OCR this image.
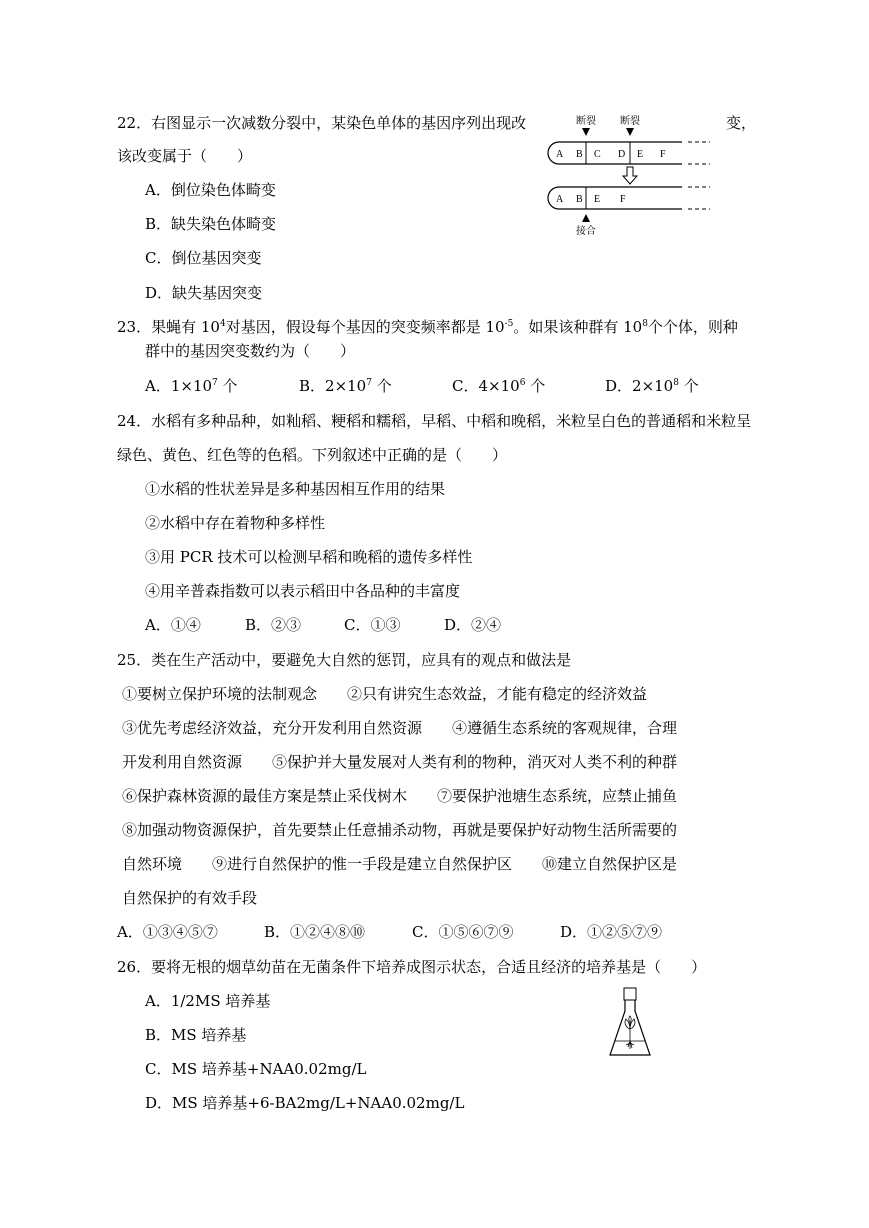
22．右图显示一次减数分裂中，某染色单体的基因序列出现改	变，
该改变属于（　　）
A．倒位染色体畸变
B．缺失染色体畸变
C．倒位基因突变
D．缺失基因突变
断裂 断裂
A B C D E F
A B E F
接合
23．果蝇有 $10^4$对基因，假设每个基因的突变频率都是 $10^{-5}$。如果该种群有 $10^8$个个体，则种
群中的基因突变数约为（　　）
A．$1\times 10^7$ 个	B．$2\times 10^7$ 个	C．$4\times 10^6$ 个	D．$2\times 10^8$ 个
24．水稻有多种品种，如籼稻、粳稻和糯稻，早稻、中稻和晚稻，米粒呈白色的普通稻和米粒呈
绿色、黄色、红色等的色稻。下列叙述中正确的是（　　）
①水稻的性状差异是多种基因相互作用的结果
②水稻中存在着物种多样性
③用 PCR 技术可以检测早稻和晚稻的遗传多样性
④用辛普森指数可以表示稻田中各品种的丰富度
A．①④	B．②③	C．①③	D．②④
25．类在生产活动中，要避免大自然的惩罚，应具有的观点和做法是
①要树立保护环境的法制观念　　②只有讲究生态效益，才能有稳定的经济效益
③优先考虑经济效益，充分开发利用自然资源　　④遵循生态系统的客观规律，合理
开发利用自然资源　　⑤保护并大量发展对人类有利的物种，消灭对人类不利的种群
⑥保护森林资源的最佳方案是禁止采伐树木　　⑦要保护池塘生态系统，应禁止捕鱼
⑧加强动物资源保护，首先要禁止任意捕杀动物，再就是要保护好动物生活所需要的
自然环境　　⑨进行自然保护的惟一手段是建立自然保护区　　⑩建立自然保护区是
自然保护的有效手段
A．①③④⑤⑦	B．①②④⑧⑩	C．①⑤⑥⑦⑨	D．①②⑤⑦⑨
26．要将无根的烟草幼苗在无菌条件下培养成图示状态，合适且经济的培养基是（　　）
A．1/2MS 培养基
B．MS 培养基
C．MS 培养基+NAA0.02mg/L
D．MS 培养基+6-BA2mg/L+NAA0.02mg/L
